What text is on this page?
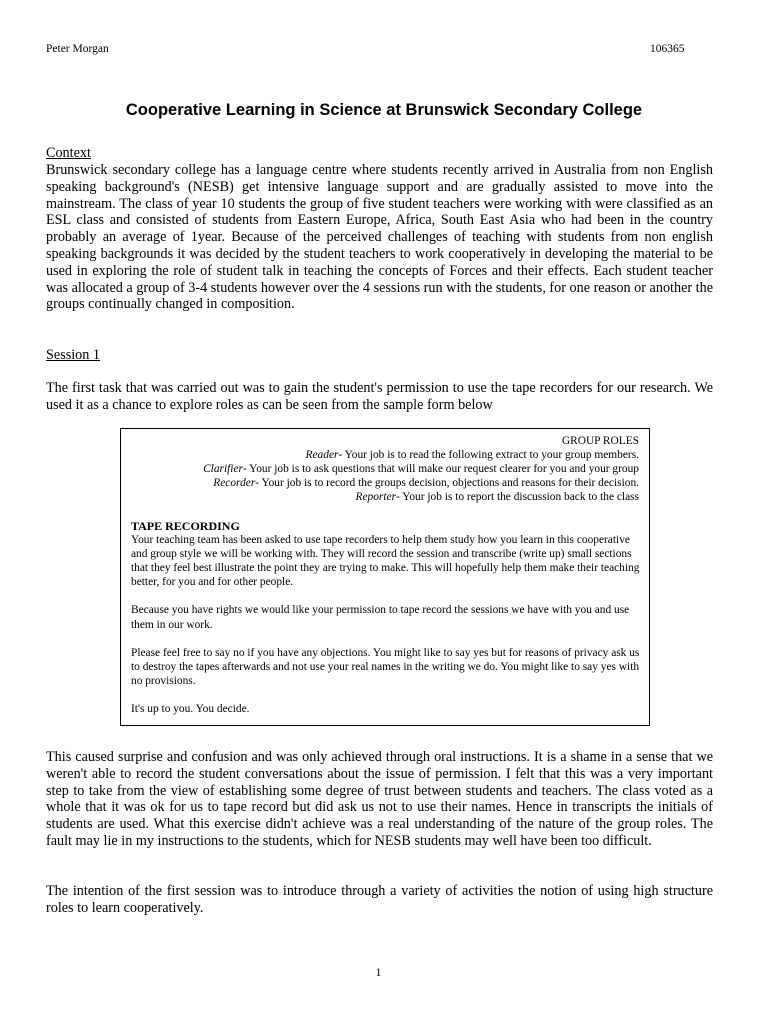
Peter Morgan	106365
Cooperative Learning in Science at Brunswick Secondary College
Context

Brunswick secondary college has a language centre where students recently arrived in Australia from non English speaking background's (NESB) get intensive language support and are gradually assisted to move into the mainstream. The class of year 10 students the group of five student teachers were working with were classified as an ESL class and consisted of students from Eastern Europe, Africa, South East Asia who had been in the country probably an average of 1year. Because of the perceived challenges of teaching with students from non english speaking backgrounds it was decided by the student teachers to work cooperatively in developing the material to be used in exploring the role of student talk in teaching the concepts of Forces and their effects. Each student teacher was allocated a group of 3-4 students however over the 4 sessions run with the students, for one reason or another the groups continually changed in composition.

Session 1

The first task that was carried out was to gain the student's permission to use the tape recorders for our research. We used it as a chance to explore roles as can be seen from the sample form below

GROUP ROLES
Reader- Your job is to read the following extract to your group members.
Clarifier- Your job is to ask questions that will make our request clearer for you and your group
Recorder- Your job is to record the groups decision, objections and reasons for their decision.
Reporter- Your job is to report the discussion back to the class

TAPE RECORDING

Your teaching team has been asked to use tape recorders to help them study how you learn in this cooperative and group style we will be working with. They will record the session and transcribe (write up) small sections that they feel best illustrate the point they are trying to make. This will hopefully help them make their teaching better, for you and for other people.

Because you have rights we would like your permission to tape record the sessions we have with you and use them in our work.

Please feel free to say no if you have any objections. You might like to say yes but for reasons of privacy ask us to destroy the tapes afterwards and not use your real names in the writing we do. You might like to say yes with no provisions.

It's up to you. You decide.

This caused surprise and confusion and was only achieved through oral instructions. It is a shame in a sense that we weren't able to record the student conversations about the issue of permission. I felt that this was a very important step to take from the view of establishing some degree of trust between students and teachers. The class voted as a whole that it was ok for us to tape record but did ask us not to use their names. Hence in transcripts the initials of students are used. What this exercise didn't achieve was a real understanding of the nature of the group roles. The fault may lie in my instructions to the students, which for NESB students may well have been too difficult.

The intention of the first session was to introduce through a variety of activities the notion of using high structure roles to learn cooperatively.

1
